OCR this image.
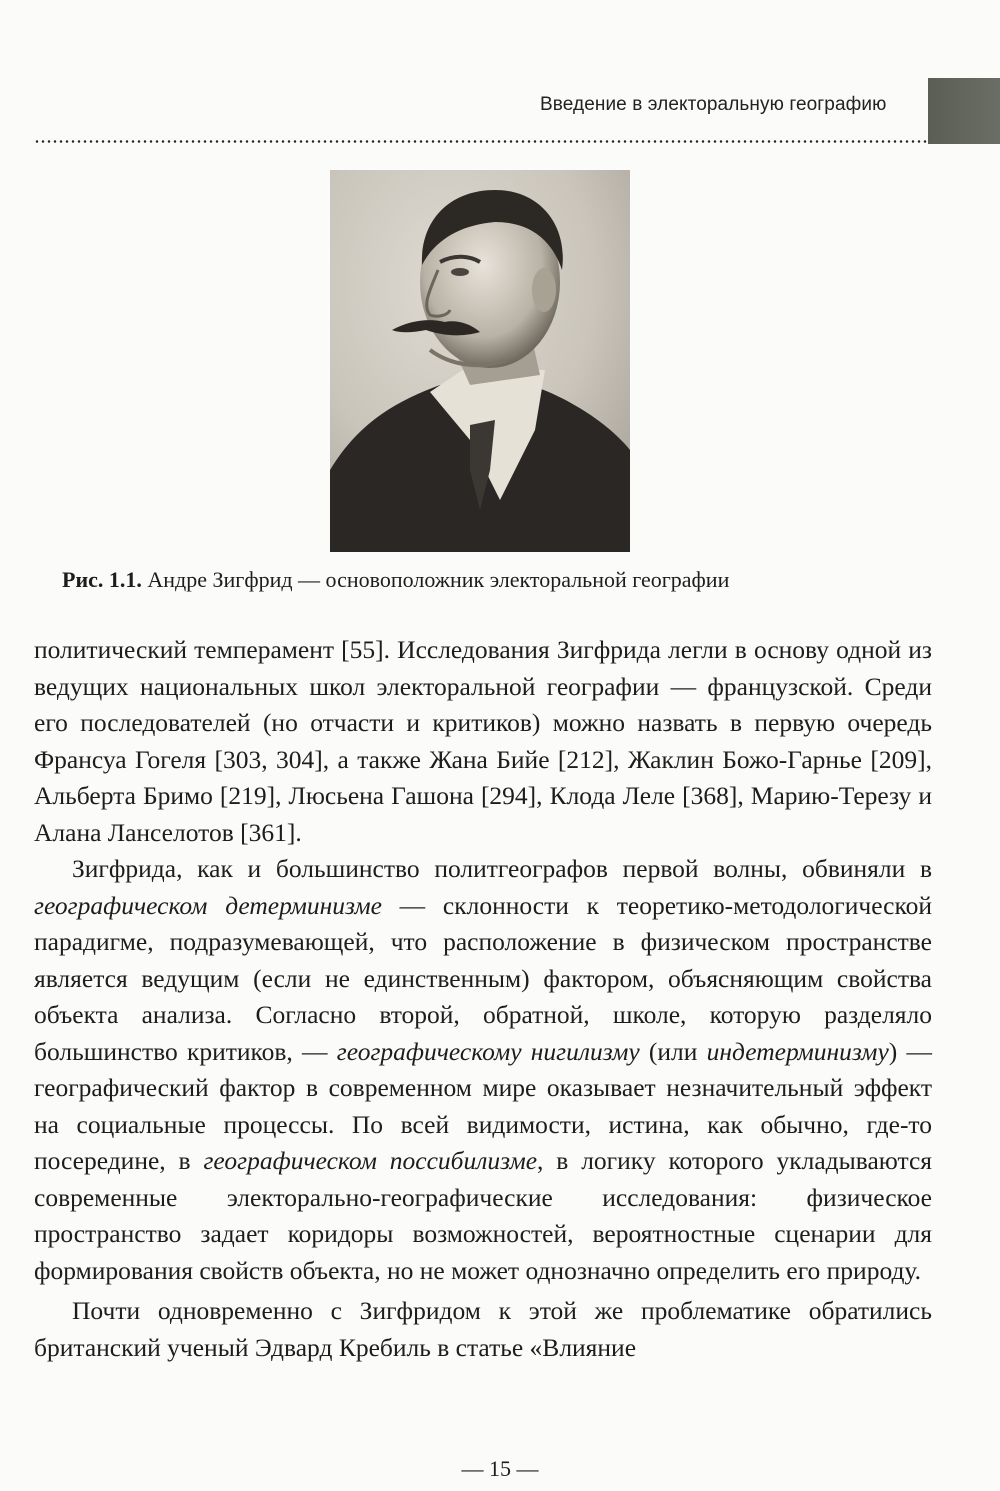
Введение в электоральную географию
Рис. 1.1. Андре Зигфрид — основоположник электоральной географии

политический темперамент [55]. Исследования Зигфрида легли в основу одной из ведущих национальных школ электоральной географии — французской. Среди его последователей (но отчасти и критиков) можно назвать в первую очередь Франсуа Гогеля [303, 304], а также Жана Бийе [212], Жаклин Божо-Гарнье [209], Альберта Бримо [219], Люсьена Гашона [294], Клода Леле [368], Марию-Терезу и Алана Ланселотов [361].

Зигфрида, как и большинство политгеографов первой волны, обвиняли в географическом детерминизме — склонности к теоретико-методологической парадигме, подразумевающей, что расположение в физическом пространстве является ведущим (если не единственным) фактором, объясняющим свойства объекта анализа. Согласно второй, обратной, школе, которую разделяло большинство критиков, — географическому нигилизму (или индетерминизму) — географический фактор в современном мире оказывает незначительный эффект на социальные процессы. По всей видимости, истина, как обычно, где-то посередине, в географическом поссибилизме, в логику которого укладываются современные электорально-географические исследования: физическое пространство задает коридоры возможностей, вероятностные сценарии для формирования свойств объекта, но не может однозначно определить его природу.

Почти одновременно с Зигфридом к этой же проблематике обратились британский ученый Эдвард Кребиль в статье «Влияние

— 15 —
